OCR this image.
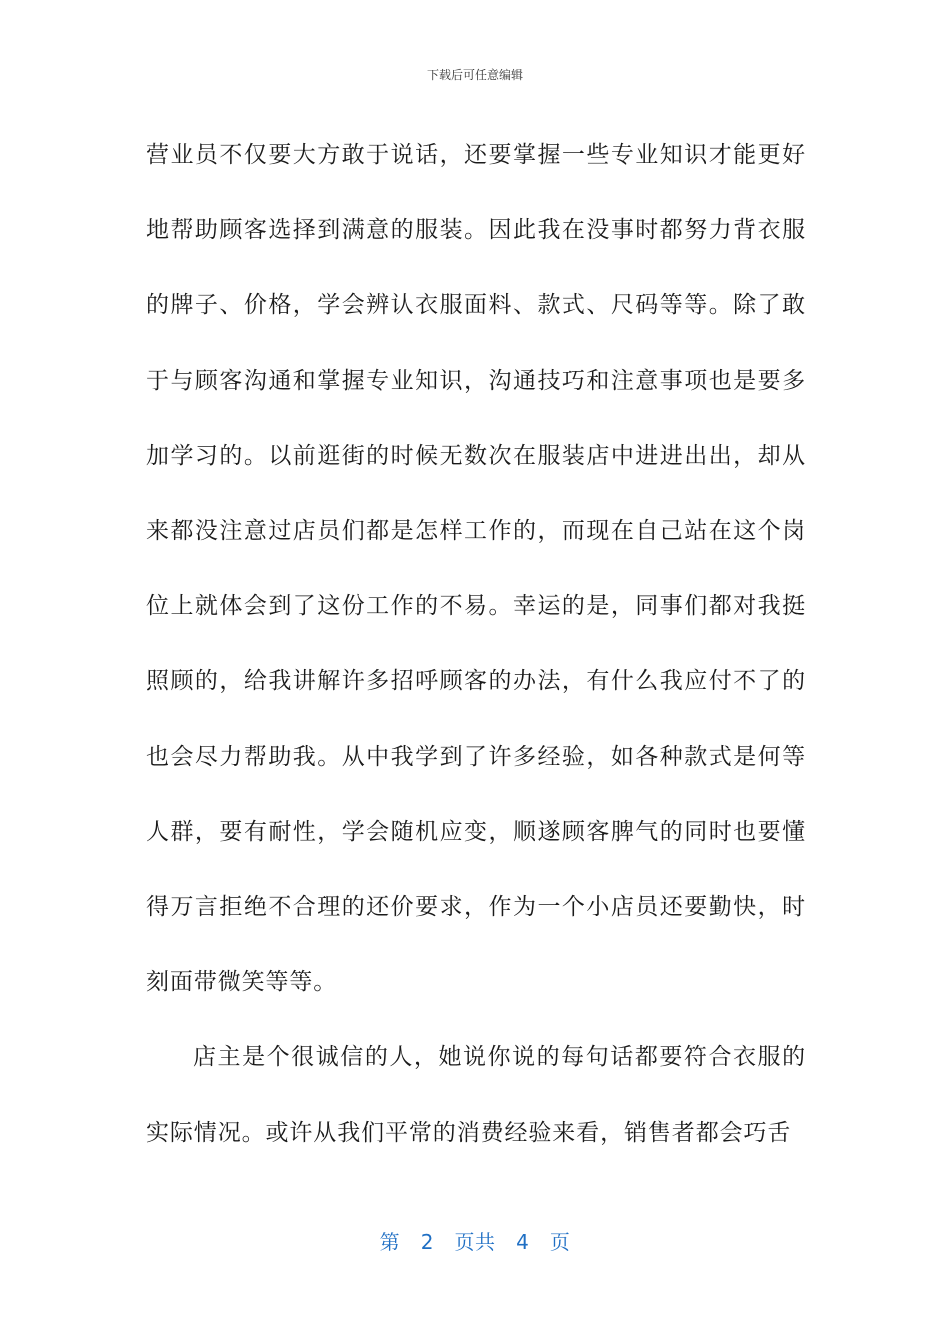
下载后可任意编辑

营业员不仅要大方敢于说话，还要掌握一些专业知识才能更好地帮助顾客选择到满意的服装。因此我在没事时都努力背衣服的牌子、价格，学会辨认衣服面料、款式、尺码等等。除了敢于与顾客沟通和掌握专业知识，沟通技巧和注意事项也是要多加学习的。以前逛街的时候无数次在服装店中进进出出，却从来都没注意过店员们都是怎样工作的，而现在自己站在这个岗位上就体会到了这份工作的不易。幸运的是，同事们都对我挺照顾的，给我讲解许多招呼顾客的办法，有什么我应付不了的也会尽力帮助我。从中我学到了许多经验，如各种款式是何等人群，要有耐性，学会随机应变，顺遂顾客脾气的同时也要懂得万言拒绝不合理的还价要求，作为一个小店员还要勤快，时刻面带微笑等等。

店主是个很诚信的人，她说你说的每句话都要符合衣服的实际情况。或许从我们平常的消费经验来看，销售者都会巧舌

第 2 页共 4 页
